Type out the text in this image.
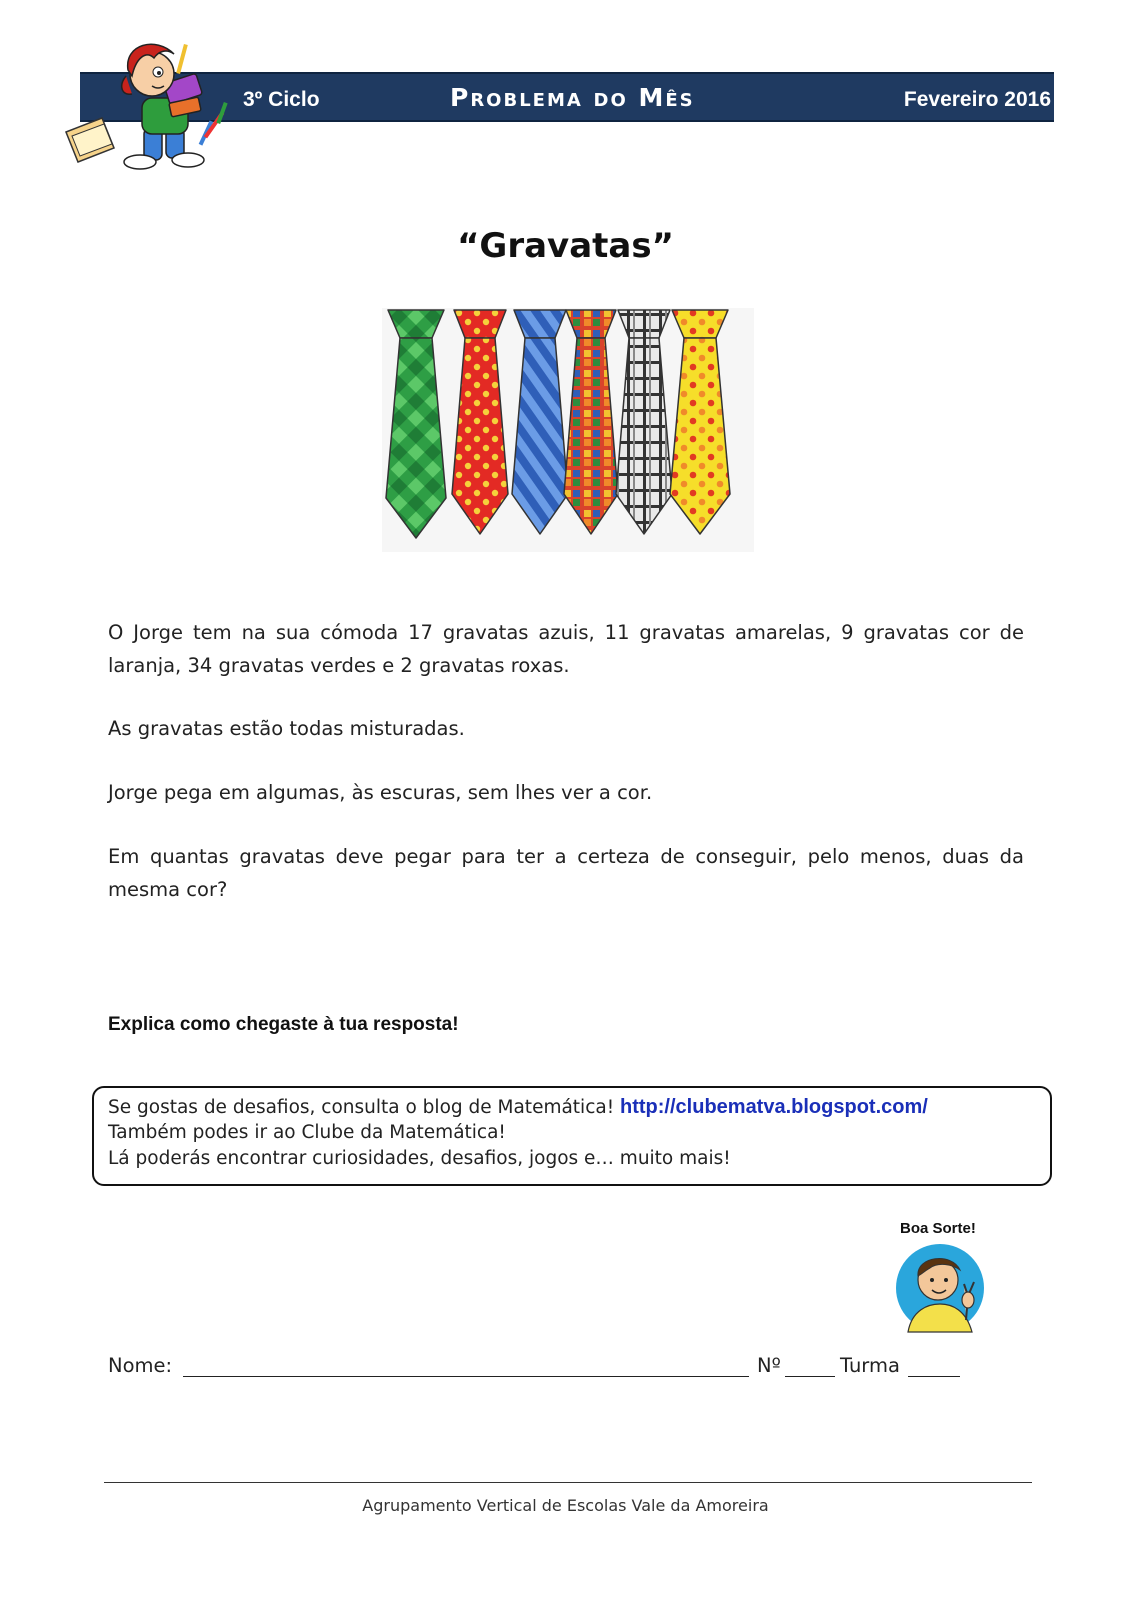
3º Ciclo	Problema do Mês	Fevereiro 2016
“Gravatas”
O Jorge tem na sua cómoda 17 gravatas azuis, 11 gravatas amarelas, 9 gravatas cor de laranja, 34 gravatas verdes e 2 gravatas roxas.
As gravatas estão todas misturadas.
Jorge pega em algumas, às escuras, sem lhes ver a cor.
Em quantas gravatas deve pegar para ter a certeza de conseguir, pelo menos, duas da mesma cor?
Explica como chegaste à tua resposta!
Se gostas de desafios, consulta o blog de Matemática! http://clubematva.blogspot.com/
Também podes ir ao Clube da Matemática!
Lá poderás encontrar curiosidades, desafios, jogos e… muito mais!
Boa Sorte!
Nome:	Nº	Turma
Agrupamento Vertical de Escolas Vale da Amoreira
